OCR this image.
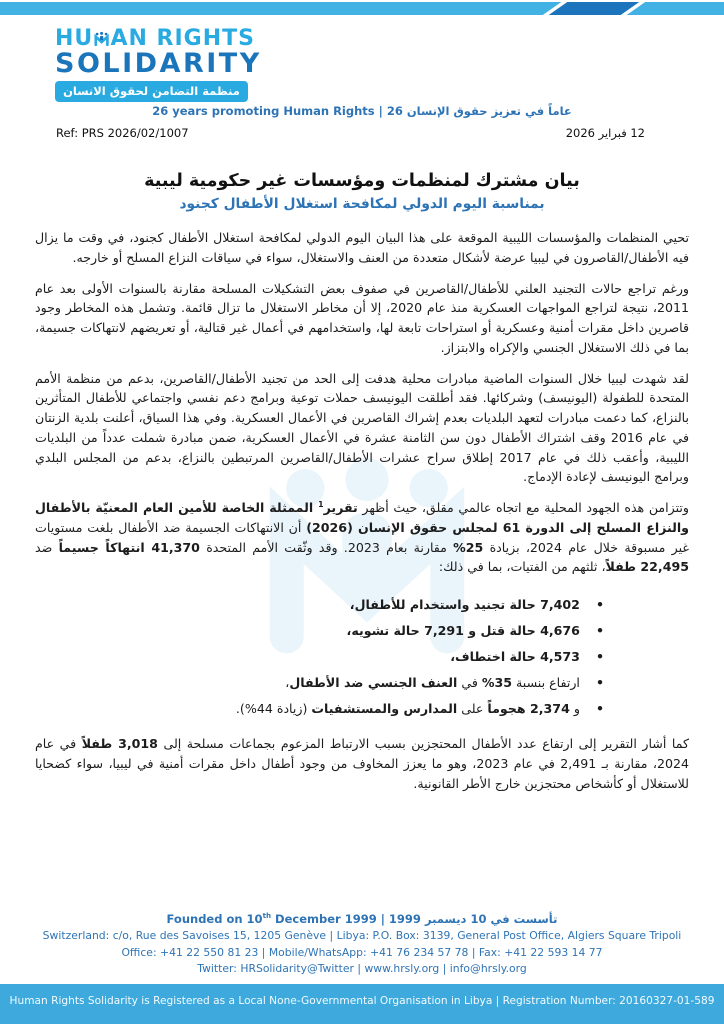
HU AN RIGHTS
SOLIDARITY
منظمة التضامن لحقوق الانسان
26 years promoting Human Rights | 26 عاماً في تعزيز حقوق الإنسان
Ref: PRS 2026/02/1007	12 فبراير 2026
بيان مشترك لمنظمات ومؤسسات غير حكومية ليبية
بمناسبة اليوم الدولي لمكافحة استغلال الأطفال كجنود

تحيي المنظمات والمؤسسات الليبية الموقعة على هذا البيان اليوم الدولي لمكافحة استغلال الأطفال كجنود، في وقت ما يزال فيه الأطفال/القاصرون في ليبيا عرضة لأشكال متعددة من العنف والاستغلال، سواء في سياقات النزاع المسلح أو خارجه.

ورغم تراجع حالات التجنيد العلني للأطفال/القاصرين في صفوف بعض التشكيلات المسلحة مقارنة بالسنوات الأولى بعد عام 2011، نتيجة لتراجع المواجهات العسكرية منذ عام 2020، إلا أن مخاطر الاستغلال ما تزال قائمة. وتشمل هذه المخاطر وجود قاصرين داخل مقرات أمنية وعسكرية أو استراحات تابعة لها، واستخدامهم في أعمال غير قتالية، أو تعريضهم لانتهاكات جسيمة، بما في ذلك الاستغلال الجنسي والإكراه والابتزاز.

لقد شهدت ليبيا خلال السنوات الماضية مبادرات محلية هدفت إلى الحد من تجنيد الأطفال/القاصرين، بدعم من منظمة الأمم المتحدة للطفولة (اليونيسف) وشركائها. فقد أطلقت اليونيسف حملات توعية وبرامج دعم نفسي واجتماعي للأطفال المتأثرين بالنزاع، كما دعمت مبادرات لتعهد البلديات بعدم إشراك القاصرين في الأعمال العسكرية. وفي هذا السياق، أعلنت بلدية الزنتان في عام 2016 وقف اشتراك الأطفال دون سن الثامنة عشرة في الأعمال العسكرية، ضمن مبادرة شملت عدداً من البلديات الليبية، وأعقب ذلك في عام 2017 إطلاق سراح عشرات الأطفال/القاصرين المرتبطين بالنزاع، بدعم من المجلس البلدي وبرامج اليونيسف لإعادة الإدماج.

وتتزامن هذه الجهود المحلية مع اتجاه عالمي مقلق، حيث أظهر تقرير$^1$ الممثلة الخاصة للأمين العام المعنيّة بالأطفال والنزاع المسلح إلى الدورة 61 لمجلس حقوق الإنسان (2026) أن الانتهاكات الجسيمة ضد الأطفال بلغت مستويات غير مسبوقة خلال عام 2024، بزيادة 25% مقارنة بعام 2023. وقد وثّقت الأمم المتحدة 41,370 انتهاكاً جسيماً ضد 22,495 طفلاً، ثلثهم من الفتيات، بما في ذلك:

•
7,402 حالة تجنيد واستخدام للأطفال،
•
4,676 حالة قتل و 7,291 حالة تشويه،
•
4,573 حالة اختطاف،
•
ارتفاع بنسبة 35% في العنف الجنسي ضد الأطفال،
•
و 2,374 هجوماً على المدارس والمستشفيات (زيادة 44%).

كما أشار التقرير إلى ارتفاع عدد الأطفال المحتجزين بسبب الارتباط المزعوم بجماعات مسلحة إلى 3,018 طفلاً في عام 2024، مقارنة بـ 2,491 في عام 2023، وهو ما يعزز المخاوف من وجود أطفال داخل مقرات أمنية في ليبيا، سواء كضحايا للاستغلال أو كأشخاص محتجزين خارج الأطر القانونية.

Founded on 10th December 1999 | تأسست في 10 ديسمبر 1999
Switzerland: c/o, Rue des Savoises 15, 1205 Genève | Libya: P.O. Box: 3139, General Post Office, Algiers Square Tripoli
Office: +41 22 550 81 23 | Mobile/WhatsApp: +41 76 234 57 78 | Fax: +41 22 593 14 77
Twitter: HRSolidarity@Twitter | www.hrsly.org | info@hrsly.org
Human Rights Solidarity is Registered as a Local None-Governmental Organisation in Libya | Registration Number: 20160327-01-589
